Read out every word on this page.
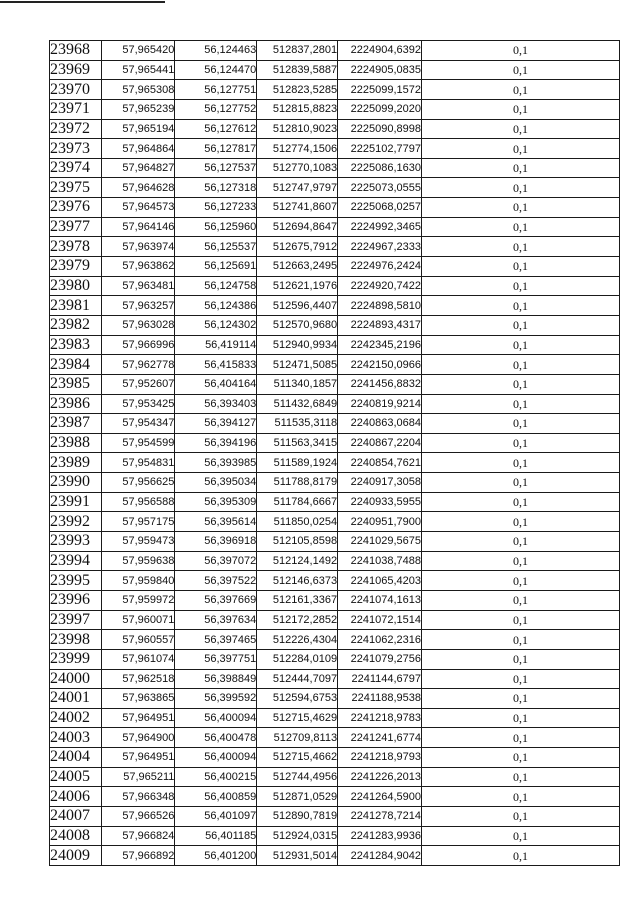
23968	57,965420	56,124463	512837,2801	2224904,6392	0,1
23969	57,965441	56,124470	512839,5887	2224905,0835	0,1
23970	57,965308	56,127751	512823,5285	2225099,1572	0,1
23971	57,965239	56,127752	512815,8823	2225099,2020	0,1
23972	57,965194	56,127612	512810,9023	2225090,8998	0,1
23973	57,964864	56,127817	512774,1506	2225102,7797	0,1
23974	57,964827	56,127537	512770,1083	2225086,1630	0,1
23975	57,964628	56,127318	512747,9797	2225073,0555	0,1
23976	57,964573	56,127233	512741,8607	2225068,0257	0,1
23977	57,964146	56,125960	512694,8647	2224992,3465	0,1
23978	57,963974	56,125537	512675,7912	2224967,2333	0,1
23979	57,963862	56,125691	512663,2495	2224976,2424	0,1
23980	57,963481	56,124758	512621,1976	2224920,7422	0,1
23981	57,963257	56,124386	512596,4407	2224898,5810	0,1
23982	57,963028	56,124302	512570,9680	2224893,4317	0,1
23983	57,966996	56,419114	512940,9934	2242345,2196	0,1
23984	57,962778	56,415833	512471,5085	2242150,0966	0,1
23985	57,952607	56,404164	511340,1857	2241456,8832	0,1
23986	57,953425	56,393403	511432,6849	2240819,9214	0,1
23987	57,954347	56,394127	511535,3118	2240863,0684	0,1
23988	57,954599	56,394196	511563,3415	2240867,2204	0,1
23989	57,954831	56,393985	511589,1924	2240854,7621	0,1
23990	57,956625	56,395034	511788,8179	2240917,3058	0,1
23991	57,956588	56,395309	511784,6667	2240933,5955	0,1
23992	57,957175	56,395614	511850,0254	2240951,7900	0,1
23993	57,959473	56,396918	512105,8598	2241029,5675	0,1
23994	57,959638	56,397072	512124,1492	2241038,7488	0,1
23995	57,959840	56,397522	512146,6373	2241065,4203	0,1
23996	57,959972	56,397669	512161,3367	2241074,1613	0,1
23997	57,960071	56,397634	512172,2852	2241072,1514	0,1
23998	57,960557	56,397465	512226,4304	2241062,2316	0,1
23999	57,961074	56,397751	512284,0109	2241079,2756	0,1
24000	57,962518	56,398849	512444,7097	2241144,6797	0,1
24001	57,963865	56,399592	512594,6753	2241188,9538	0,1
24002	57,964951	56,400094	512715,4629	2241218,9783	0,1
24003	57,964900	56,400478	512709,8113	2241241,6774	0,1
24004	57,964951	56,400094	512715,4662	2241218,9793	0,1
24005	57,965211	56,400215	512744,4956	2241226,2013	0,1
24006	57,966348	56,400859	512871,0529	2241264,5900	0,1
24007	57,966526	56,401097	512890,7819	2241278,7214	0,1
24008	57,966824	56,401185	512924,0315	2241283,9936	0,1
24009	57,966892	56,401200	512931,5014	2241284,9042	0,1
